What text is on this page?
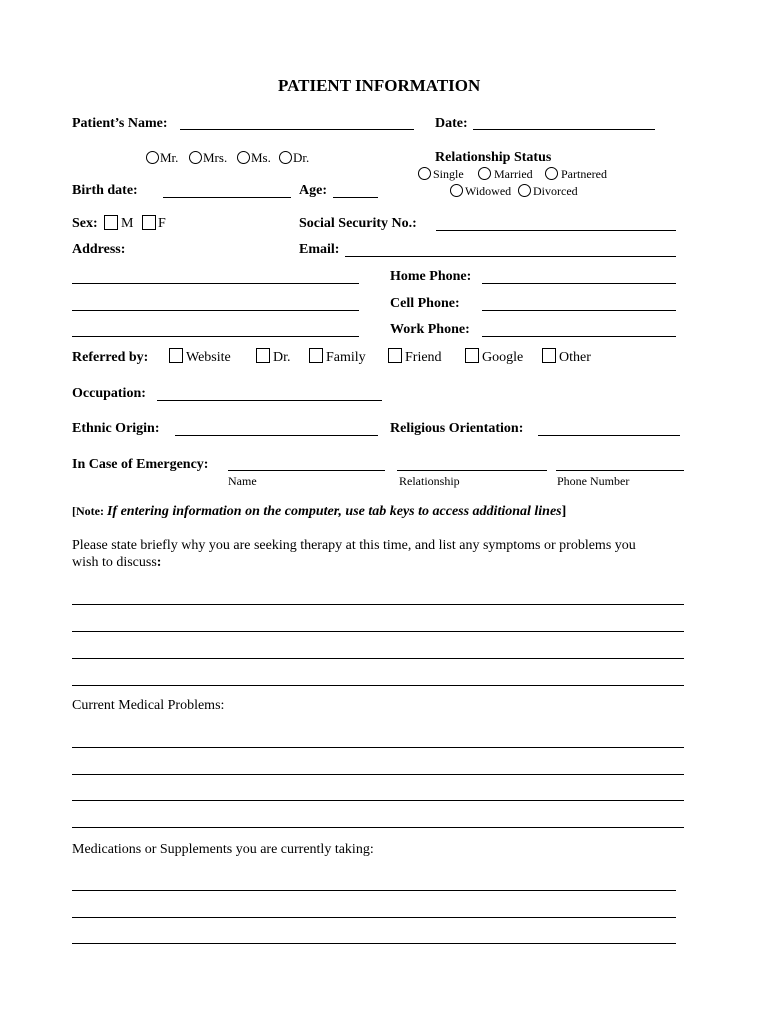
PATIENT INFORMATION
Patient’s Name:	Date:
Mr. Mrs. Ms. Dr.	Relationship Status
Single	Married Partnered
Widowed Divorced
Birth date:	Age:
Sex: M F	Social Security No.:
Address:	Email:
Home Phone:
Cell Phone:
Work Phone:
Referred by:	Website	Dr.	Family	Friend	Google	Other
Occupation:
Ethnic Origin:	Religious Orientation:
In Case of Emergency:
Name	Relationship	Phone Number
[Note: If entering information on the computer, use tab keys to access additional lines]
Please state briefly why you are seeking therapy at this time, and list any symptoms or problems you
wish to discuss:
Current Medical Problems:
Medications or Supplements you are currently taking:
